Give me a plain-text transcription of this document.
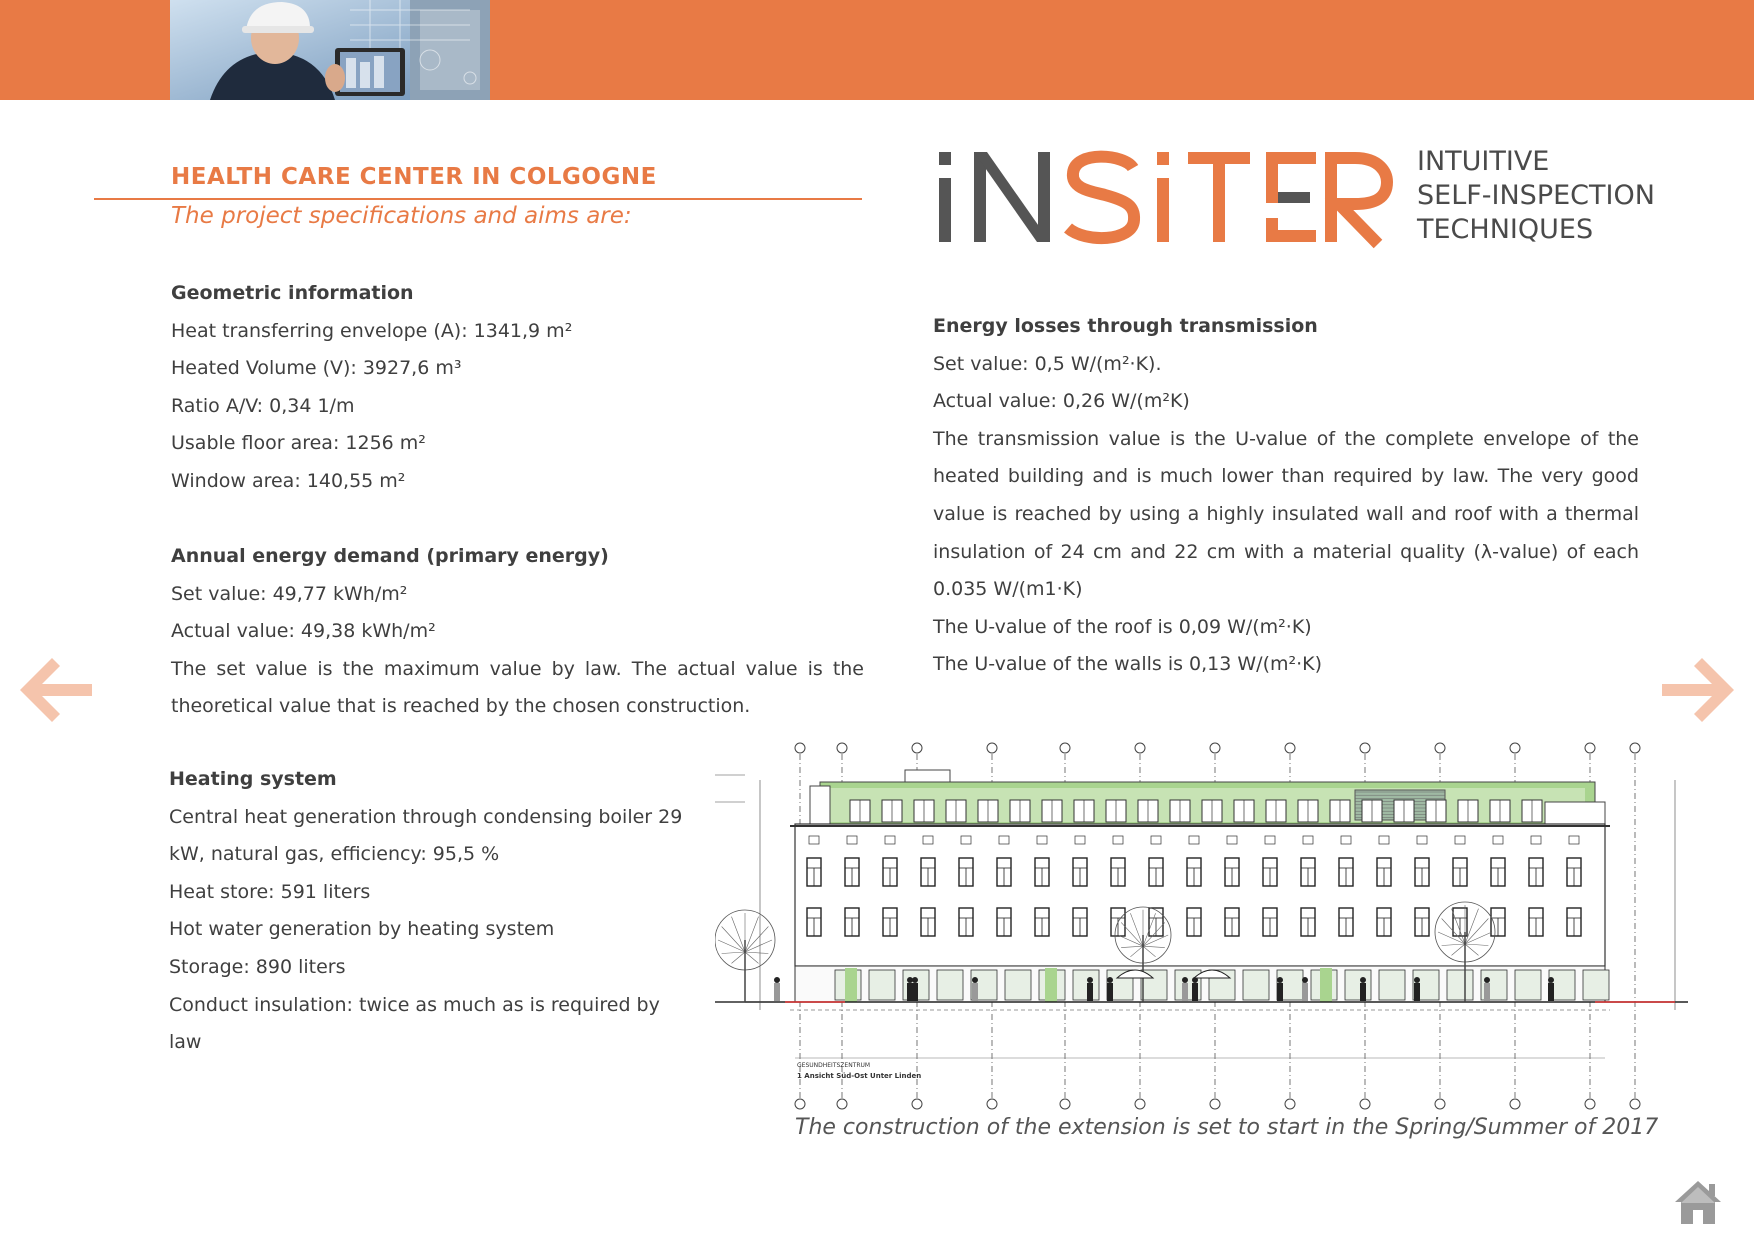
HEALTH CARE CENTER IN COLGOGNE
The project specifications and aims are:
INTUITIVE
SELF-INSPECTION
TECHNIQUES
Geometric information

Heat transferring envelope (A): 1341,9 m²

Heated Volume (V): 3927,6 m³

Ratio A/V: 0,34 1/m

Usable floor area: 1256 m²

Window area: 140,55 m²

Annual energy demand (primary energy)

Set value: 49,77 kWh/m²

Actual value: 49,38 kWh/m²

The set value is the maximum value by law. The actual value is the theoretical value that is reached by the chosen construction.

Heating system

Central heat generation through condensing boiler 29 kW, natural gas, efficiency: 95,5 %

Heat store: 591 liters

Hot water generation by heating system

Storage: 890 liters

Conduct insulation: twice as much as is required by law

Energy losses through transmission

Set value: 0,5 W/(m²·K).

Actual value: 0,26 W/(m²K)

The transmission value is the U-value of the complete envelope of the heated building and is much lower than required by law. The very good value is reached by using a highly insulated wall and roof with a thermal insulation of 24 cm and 22 cm with a material quality (λ-value) of each 0.035 W/(m1·K)

The U-value of the roof is 0,09 W/(m²·K)

The U-value of the walls is 0,13 W/(m²·K)

GESUNDHEITSZENTRUM
1 Ansicht Süd-Ost Unter Linden
The construction of the extension is set to start in the Spring/Summer of 2017
